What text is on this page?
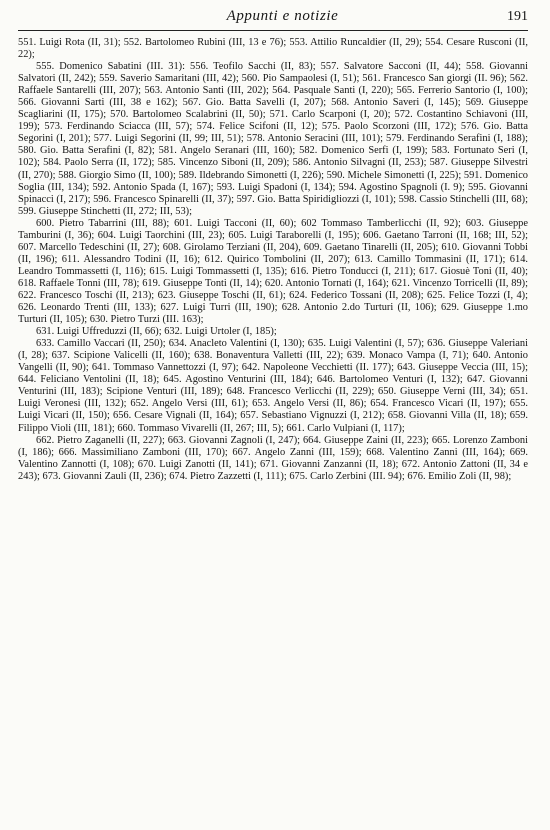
Appunti e notizie	191

551. Luigi Rota (II, 31); 552. Bartolomeo Rubini (III, 13 e 76); 553. Attilio Runcaldier (II, 29); 554. Cesare Rusconi (II, 22);

555. Domenico Sabatini (III. 31): 556. Teofilo Sacchi (II, 83); 557. Salvatore Sacconi (II, 44); 558. Giovanni Salvatori (II, 242); 559. Saverio Samaritani (III, 42); 560. Pio Sampaolesi (I, 51); 561. Francesco San giorgi (II. 96); 562. Raffaele Santarelli (III, 207); 563. Antonio Santi (III, 202); 564. Pasquale Santi (I, 220); 565. Ferrerio Santorio (I, 100); 566. Giovanni Sarti (III, 38 e 162); 567. Gio. Batta Savelli (I, 207); 568. Antonio Saveri (I, 145); 569. Giuseppe Scagliarini (II, 175); 570. Bartolomeo Scalabrini (II, 50); 571. Carlo Scarponi (I, 20); 572. Costantino Schiavoni (III, 199); 573. Ferdinando Sciacca (III, 57); 574. Felice Scifoni (II, 12); 575. Paolo Scorzoni (III, 172); 576. Gio. Batta Segorini (I, 201); 577. Luigi Segorini (II, 99; III, 51); 578. Antonio Seracini (III, 101); 579. Ferdinando Serafini (I, 188); 580. Gio. Batta Serafini (I, 82); 581. Angelo Seranari (III, 160); 582. Domenico Serfi (I, 199); 583. Fortunato Seri (I, 102); 584. Paolo Serra (II, 172); 585. Vincenzo Siboni (II, 209); 586. Antonio Silvagni (II, 253); 587. Giuseppe Silvestri (II, 270); 588. Giorgio Simo (II, 100); 589. Ildebrando Simonetti (I, 226); 590. Michele Simonetti (I, 225); 591. Domenico Soglia (III, 134); 592. Antonio Spada (I, 167); 593. Luigi Spadoni (I, 134); 594. Agostino Spagnoli (I. 9); 595. Giovanni Spinacci (I, 217); 596. Francesco Spinarelli (II, 37); 597. Gio. Batta Spiridigliozzi (I, 101); 598. Cassio Stinchelli (III, 68); 599. Giuseppe Stinchetti (II, 272; III, 53);

600. Pietro Tabarrini (III, 88); 601. Luigi Tacconi (II, 60); 602 Tommaso Tamberlicchi (II, 92); 603. Giuseppe Tamburini (I, 36); 604. Luigi Taorchini (III, 23); 605. Luigi Taraborelli (I, 195); 606. Gaetano Tarroni (II, 168; III, 52); 607. Marcello Tedeschini (II, 27); 608. Girolamo Terziani (II, 204), 609. Gaetano Tinarelli (II, 205); 610. Giovanni Tobbi (II, 196); 611. Alessandro Todini (II, 16); 612. Quirico Tombolini (II, 207); 613. Camillo Tommasini (II, 171); 614. Leandro Tommassetti (I, 116); 615. Luigi Tommassetti (I, 135); 616. Pietro Tonducci (I, 211); 617. Giosuè Toni (II, 40); 618. Raffaele Tonni (III, 78); 619. Giuseppe Tonti (II, 14); 620. Antonio Tornati (I, 164); 621. Vincenzo Torricelli (II, 89); 622. Francesco Toschi (II, 213); 623. Giuseppe Toschi (II, 61); 624. Federico Tossani (II, 208); 625. Felice Tozzi (I, 4); 626. Leonardo Trenti (III, 133); 627. Luigi Turri (III, 190); 628. Antonio 2.do Turturi (II, 106); 629. Giuseppe 1.mo Turturi (II, 105); 630. Pietro Turzi (III. 163);

631. Luigi Uffreduzzi (II, 66); 632. Luigi Urtoler (I, 185);

633. Camillo Vaccari (II, 250); 634. Anacleto Valentini (I, 130); 635. Luigi Valentini (I, 57); 636. Giuseppe Valeriani (I, 28); 637. Scipione Valicelli (II, 160); 638. Bonaventura Valletti (III, 22); 639. Monaco Vampa (I, 71); 640. Antonio Vangelli (II, 90); 641. Tommaso Vannettozzi (I, 97); 642. Napoleone Vecchietti (II. 177); 643. Giuseppe Veccia (III, 15); 644. Feliciano Ventolini (II, 18); 645. Agostino Venturini (III, 184); 646. Bartolomeo Venturi (I, 132); 647. Giovanni Venturini (III, 183); Scipione Venturi (III, 189); 648. Francesco Verlicchi (II, 229); 650. Giuseppe Verni (III, 34); 651. Luigi Veronesi (III, 132); 652. Angelo Versi (III, 61); 653. Angelo Versi (II, 86); 654. Francesco Vicari (II, 197); 655. Luigi Vicari (II, 150); 656. Cesare Vignali (II, 164); 657. Sebastiano Vignuzzi (I, 212); 658. Giovanni Villa (II, 18); 659. Filippo Violi (III, 181); 660. Tommaso Vivarelli (II, 267; III, 5); 661. Carlo Vulpiani (I, 117);

662. Pietro Zaganelli (II, 227); 663. Giovanni Zagnoli (I, 247); 664. Giuseppe Zaini (II, 223); 665. Lorenzo Zamboni (I, 186); 666. Massimiliano Zamboni (III, 170); 667. Angelo Zanni (III, 159); 668. Valentino Zanni (III, 164); 669. Valentino Zannotti (I, 108); 670. Luigi Zanotti (II, 141); 671. Giovanni Zanzanni (II, 18); 672. Antonio Zattoni (II, 34 e 243); 673. Giovanni Zauli (II, 236); 674. Pietro Zazzetti (I, 111); 675. Carlo Zerbini (III. 94); 676. Emilio Zoli (II, 98);
